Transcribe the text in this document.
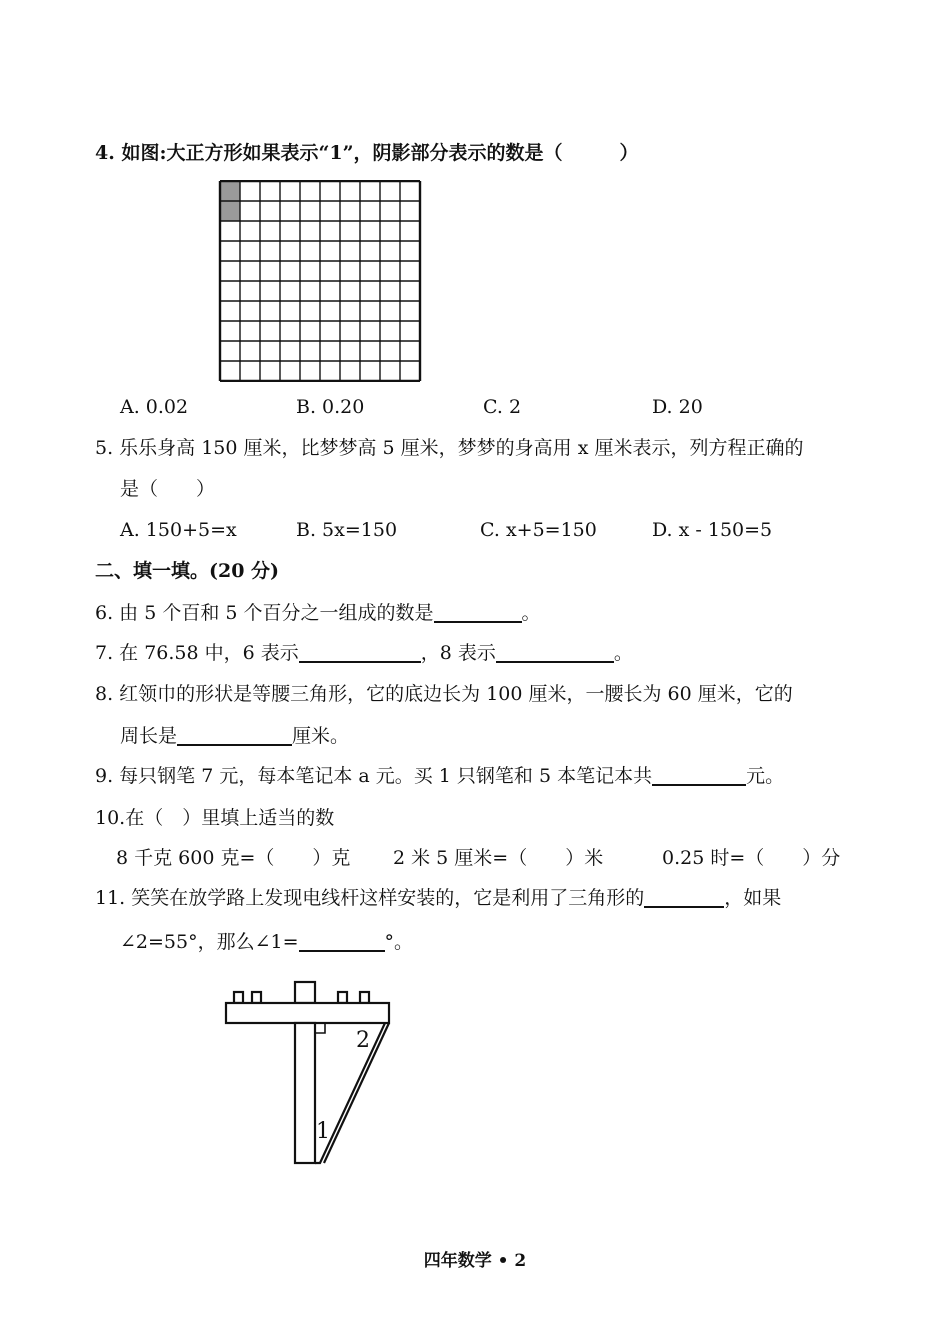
4. 如图:大正方形如果表示“1”，阴影部分表示的数是（　　　）
A. 0.02	B. 0.20	C. 2	D. 20
5. 乐乐身高 150 厘米，比梦梦高 5 厘米，梦梦的身高用 x 厘米表示，列方程正确的
是（　　）
A. 150+5=x	B. 5x=150	C. x+5=150	D. x - 150=5
二、填一填。(20 分)
6. 由 5 个百和 5 个百分之一组成的数是	。
7. 在 76.58 中，6 表示	，8 表示	。
8. 红领巾的形状是等腰三角形，它的底边长为 100 厘米，一腰长为 60 厘米，它的
周长是	厘米。
9. 每只钢笔 7 元，每本笔记本 a 元。买 1 只钢笔和 5 本笔记本共	元。
10.在（　）里填上适当的数
8 千克 600 克=（　　）克 2 米 5 厘米=（　　）米	0.25 时=（　　）分
11. 笑笑在放学路上发现电线杆这样安装的，它是利用了三角形的	，如果
∠2=55°，那么∠1=	°。
1
2
四年数学 • 2
